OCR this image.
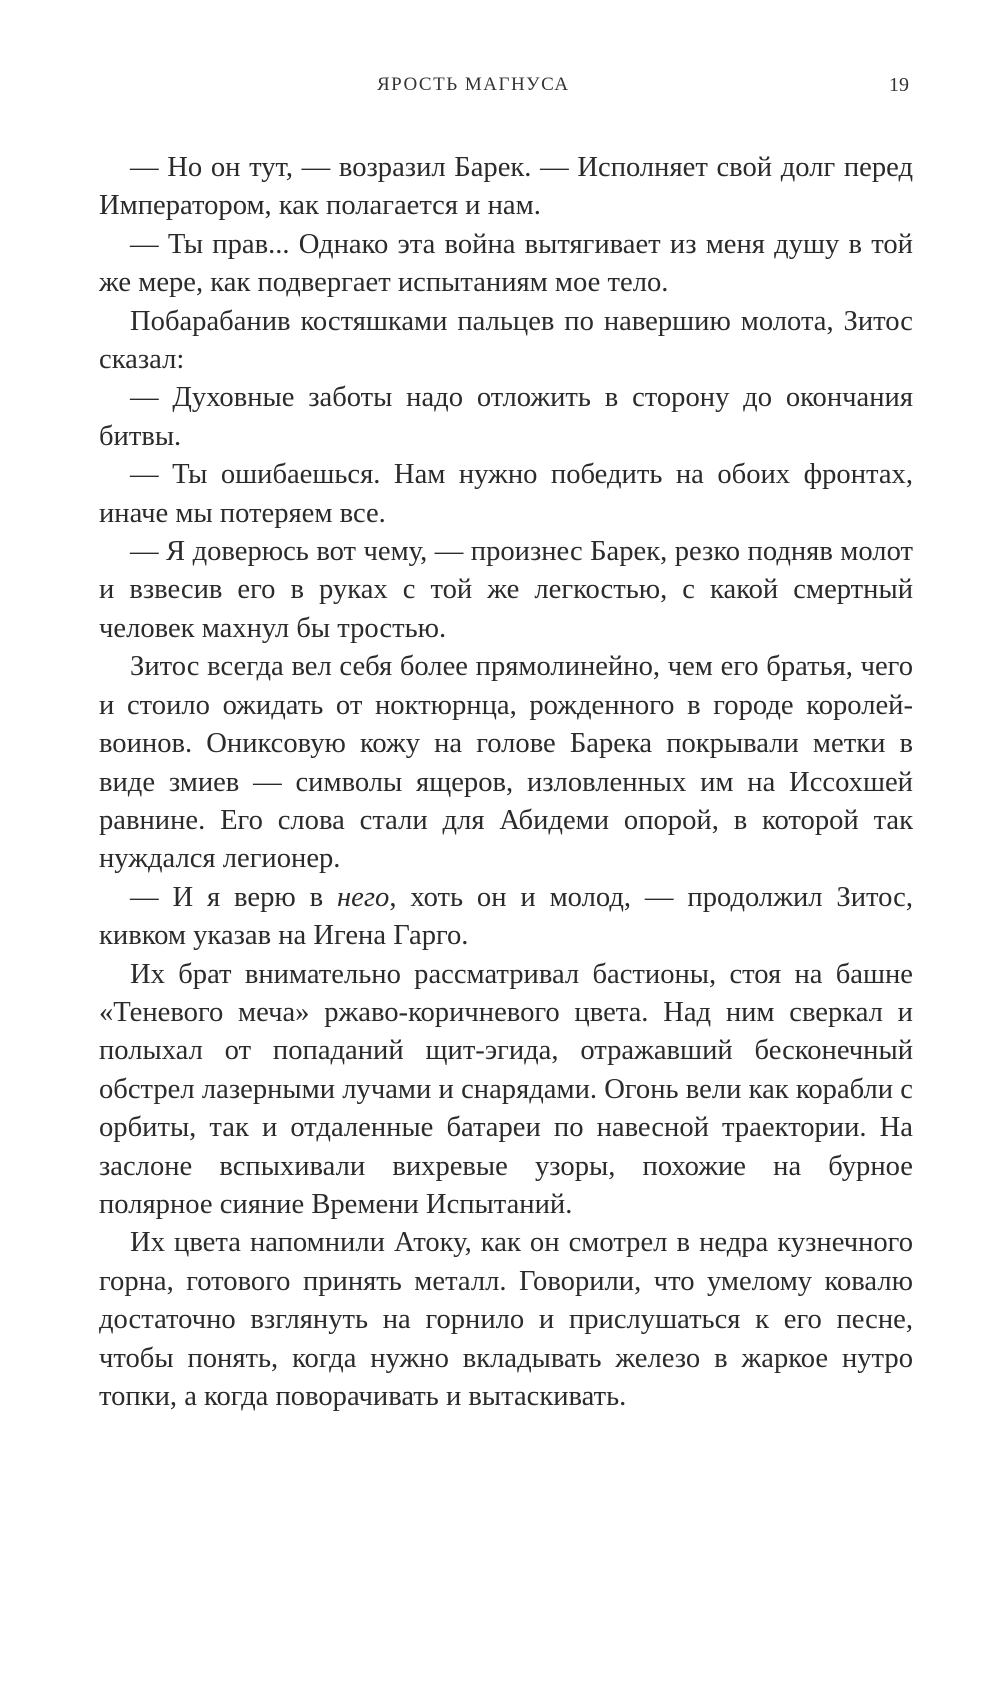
ЯРОСТЬ МАГНУСА	19

— Но он тут, — возразил Барек. — Исполняет свой долг перед Императором, как полагается и нам.

— Ты прав... Однако эта война вытягивает из меня душу в той же мере, как подвергает испытаниям мое тело.

Побарабанив костяшками пальцев по навершию молота, Зитос сказал:

— Духовные заботы надо отложить в сторону до окончания битвы.

— Ты ошибаешься. Нам нужно победить на обоих фронтах, иначе мы потеряем все.

— Я доверюсь вот чему, — произнес Барек, резко подняв молот и взвесив его в руках с той же легкостью, с какой смертный человек махнул бы тростью.

Зитос всегда вел себя более прямолинейно, чем его братья, чего и стоило ожидать от ноктюрнца, рожденного в городе королей-воинов. Ониксовую кожу на голове Барека покрывали метки в виде змиев — символы ящеров, изловленных им на Иссохшей равнине. Его слова стали для Абидеми опорой, в которой так нуждался легионер.

— И я верю в него, хоть он и молод, — продолжил Зитос, кивком указав на Игена Гарго.

Их брат внимательно рассматривал бастионы, стоя на башне «Теневого меча» ржаво-коричневого цвета. Над ним сверкал и полыхал от попаданий щит-эгида, отражавший бесконечный обстрел лазерными лучами и снарядами. Огонь вели как корабли с орбиты, так и отдаленные батареи по навесной траектории. На заслоне вспыхивали вихревые узоры, похожие на бурное полярное сияние Времени Испытаний.

Их цвета напомнили Атоку, как он смотрел в недра кузнечного горна, готового принять металл. Говорили, что умелому ковалю достаточно взглянуть на горнило и прислушаться к его песне, чтобы понять, когда нужно вкладывать железо в жаркое нутро топки, а когда поворачивать и вытаскивать.
